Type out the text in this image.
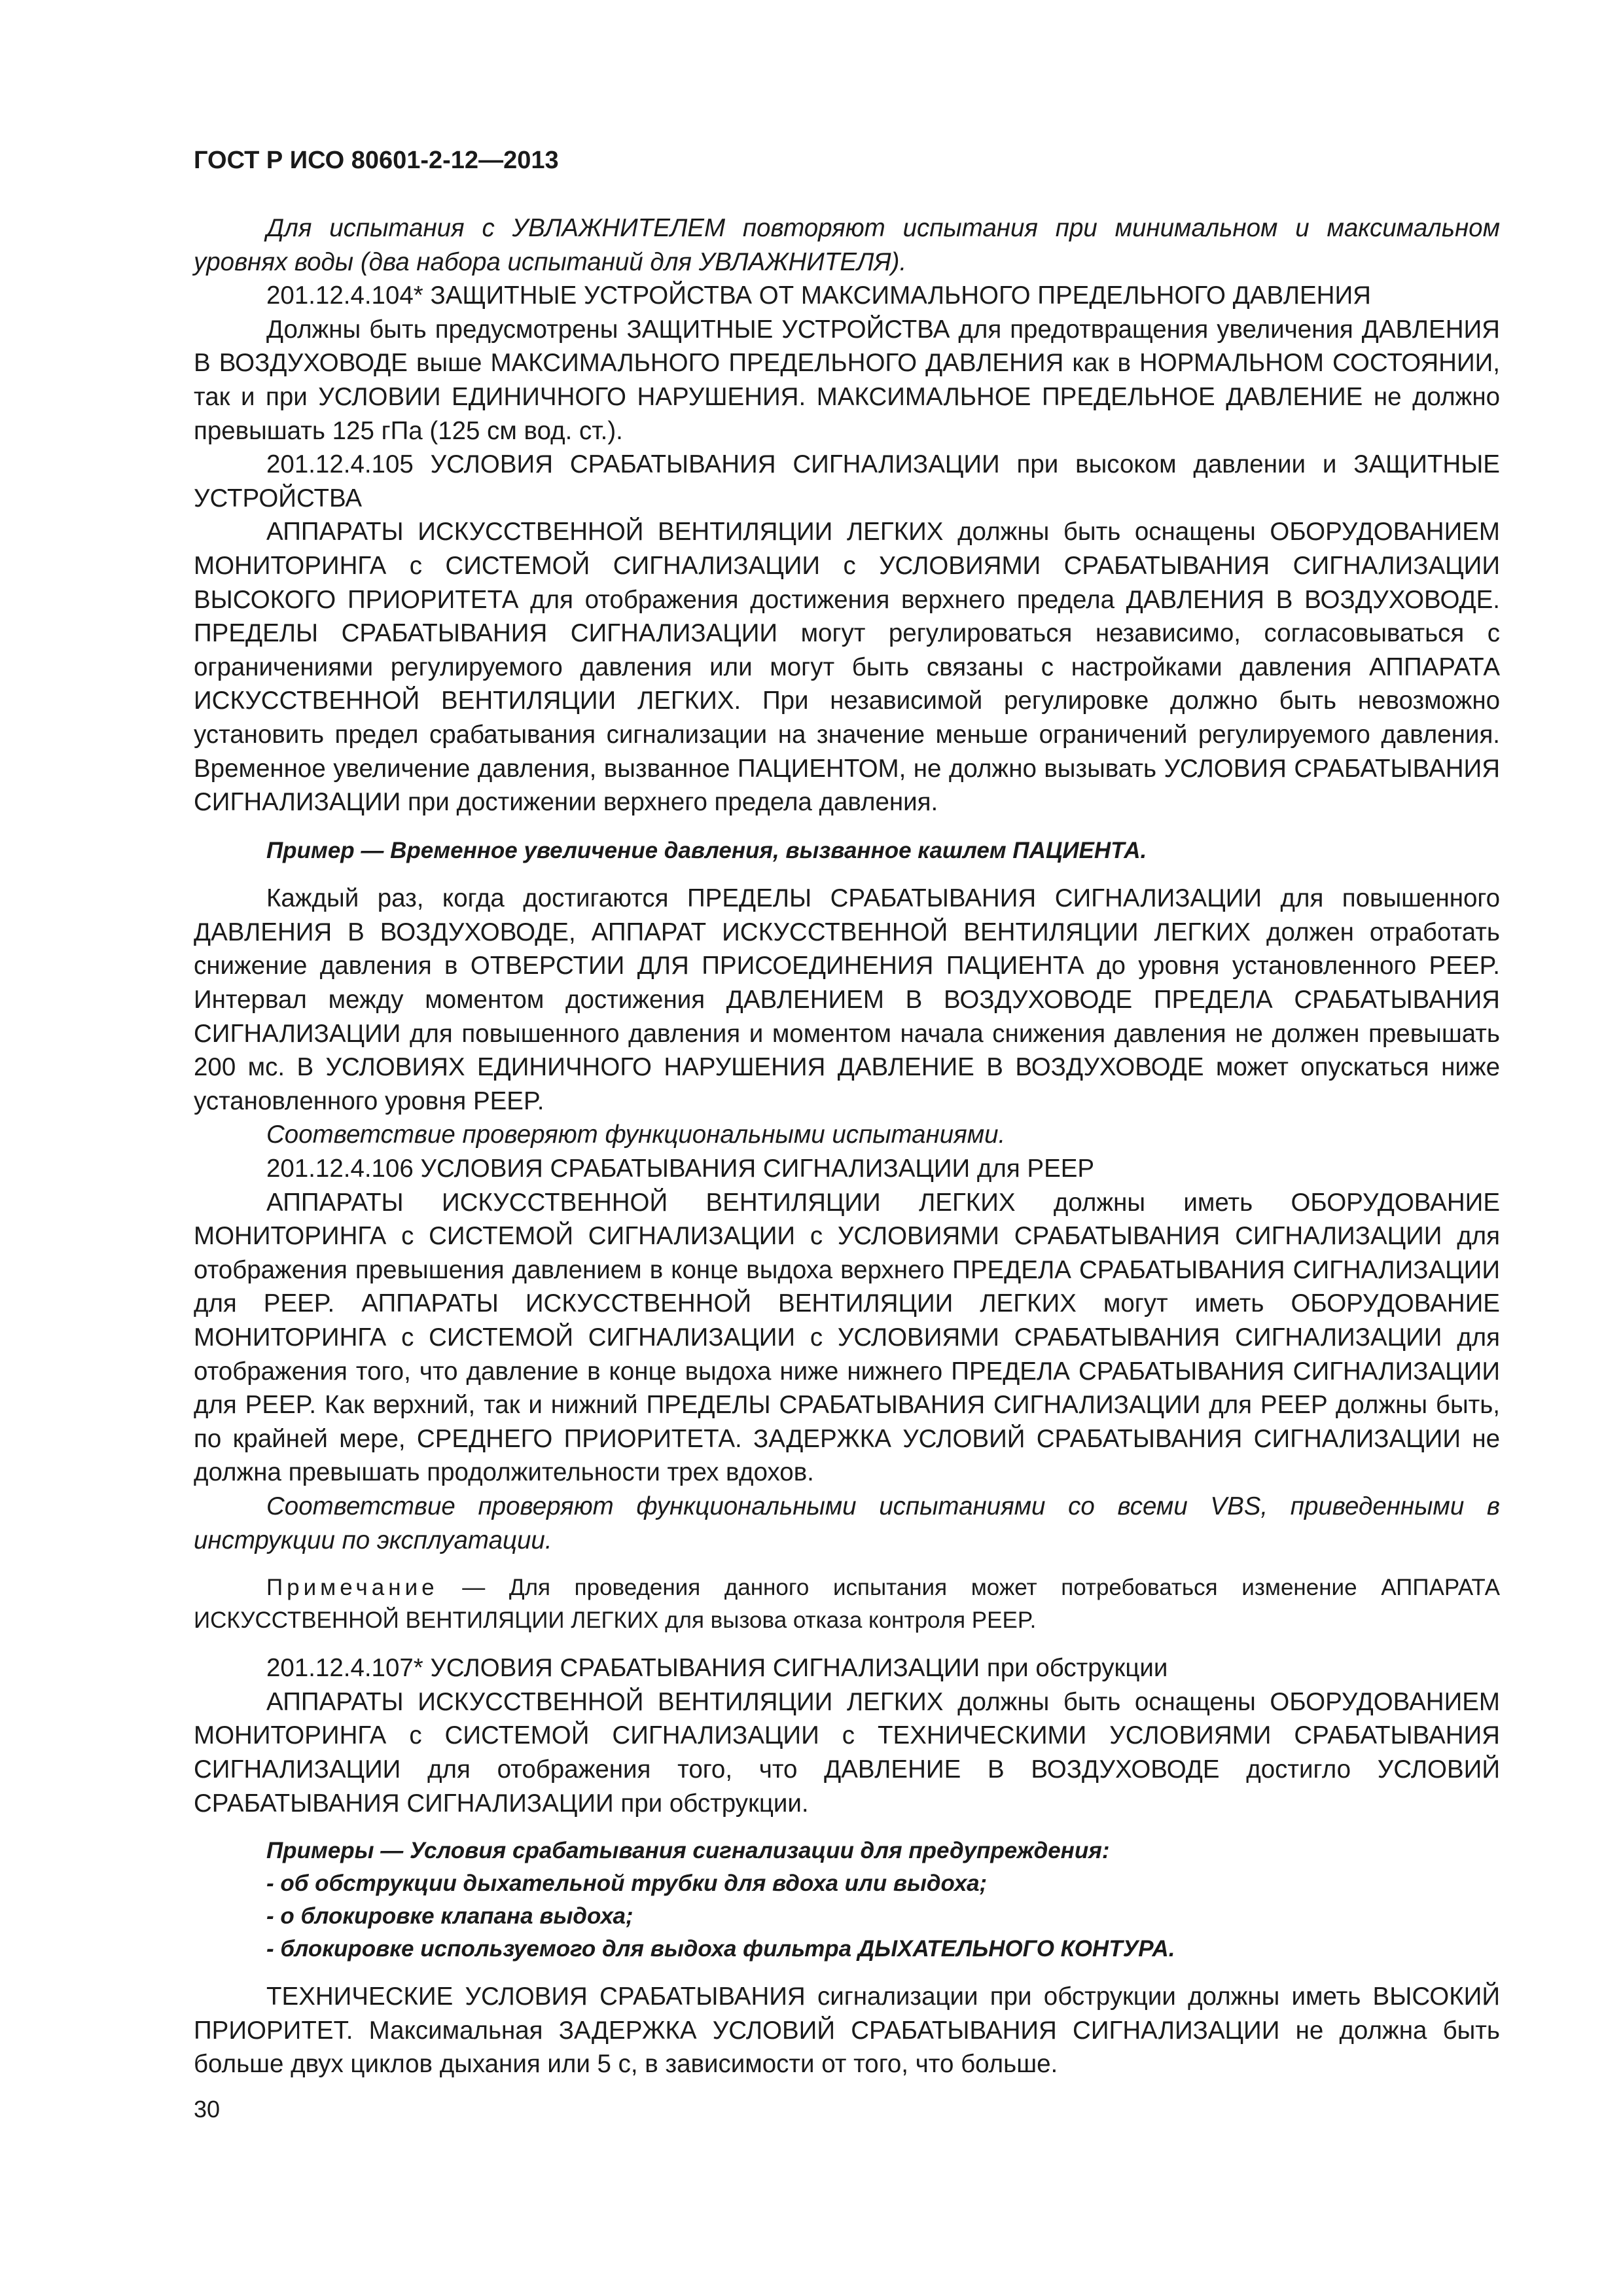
ГОСТ Р ИСО 80601-2-12—2013

Для испытания с УВЛАЖНИТЕЛЕМ повторяют испытания при минимальном и максимальном уровнях воды (два набора испытаний для УВЛАЖНИТЕЛЯ).

201.12.4.104* ЗАЩИТНЫЕ УСТРОЙСТВА ОТ МАКСИМАЛЬНОГО ПРЕДЕЛЬНОГО ДАВЛЕНИЯ

Должны быть предусмотрены ЗАЩИТНЫЕ УСТРОЙСТВА для предотвращения увеличения ДАВЛЕНИЯ В ВОЗДУХОВОДЕ выше МАКСИМАЛЬНОГО ПРЕДЕЛЬНОГО ДАВЛЕНИЯ как в НОРМАЛЬНОМ СОСТОЯНИИ, так и при УСЛОВИИ ЕДИНИЧНОГО НАРУШЕНИЯ. МАКСИМАЛЬНОЕ ПРЕДЕЛЬНОЕ ДАВЛЕНИЕ не должно превышать 125 гПа (125 см вод. ст.).

201.12.4.105 УСЛОВИЯ СРАБАТЫВАНИЯ СИГНАЛИЗАЦИИ при высоком давлении и ЗАЩИТНЫЕ УСТРОЙСТВА

АППАРАТЫ ИСКУССТВЕННОЙ ВЕНТИЛЯЦИИ ЛЕГКИХ должны быть оснащены ОБОРУДОВАНИЕМ МОНИТОРИНГА с СИСТЕМОЙ СИГНАЛИЗАЦИИ с УСЛОВИЯМИ СРАБАТЫВАНИЯ СИГНАЛИЗАЦИИ ВЫСОКОГО ПРИОРИТЕТА для отображения достижения верхнего предела ДАВЛЕНИЯ В ВОЗДУХОВОДЕ. ПРЕДЕЛЫ СРАБАТЫВАНИЯ СИГНАЛИЗАЦИИ могут регулироваться независимо, согласовываться с ограничениями регулируемого давления или могут быть связаны с настройками давления АППАРАТА ИСКУССТВЕННОЙ ВЕНТИЛЯЦИИ ЛЕГКИХ. При независимой регулировке должно быть невозможно установить предел срабатывания сигнализации на значение меньше ограничений регулируемого давления. Временное увеличение давления, вызванное ПАЦИЕНТОМ, не должно вызывать УСЛОВИЯ СРАБАТЫВАНИЯ СИГНАЛИЗАЦИИ при достижении верхнего предела давления.

Пример — Временное увеличение давления, вызванное кашлем ПАЦИЕНТА.

Каждый раз, когда достигаются ПРЕДЕЛЫ СРАБАТЫВАНИЯ СИГНАЛИЗАЦИИ для повышенного ДАВЛЕНИЯ В ВОЗДУХОВОДЕ, АППАРАТ ИСКУССТВЕННОЙ ВЕНТИЛЯЦИИ ЛЕГКИХ должен отработать снижение давления в ОТВЕРСТИИ ДЛЯ ПРИСОЕДИНЕНИЯ ПАЦИЕНТА до уровня установленного PEEP. Интервал между моментом достижения ДАВЛЕНИЕМ В ВОЗДУХОВОДЕ ПРЕДЕЛА СРАБАТЫВАНИЯ СИГНАЛИЗАЦИИ для повышенного давления и моментом начала снижения давления не должен превышать 200 мс. В УСЛОВИЯХ ЕДИНИЧНОГО НАРУШЕНИЯ ДАВЛЕНИЕ В ВОЗДУХОВОДЕ может опускаться ниже установленного уровня PEEP.

Соответствие проверяют функциональными испытаниями.

201.12.4.106 УСЛОВИЯ СРАБАТЫВАНИЯ СИГНАЛИЗАЦИИ для PEEP

АППАРАТЫ ИСКУССТВЕННОЙ ВЕНТИЛЯЦИИ ЛЕГКИХ должны иметь ОБОРУДОВАНИЕ МОНИТОРИНГА с СИСТЕМОЙ СИГНАЛИЗАЦИИ с УСЛОВИЯМИ СРАБАТЫВАНИЯ СИГНАЛИЗАЦИИ для отображения превышения давлением в конце выдоха верхнего ПРЕДЕЛА СРАБАТЫВАНИЯ СИГНАЛИЗАЦИИ для PEEP. АППАРАТЫ ИСКУССТВЕННОЙ ВЕНТИЛЯЦИИ ЛЕГКИХ могут иметь ОБОРУДОВАНИЕ МОНИТОРИНГА с СИСТЕМОЙ СИГНАЛИЗАЦИИ с УСЛОВИЯМИ СРАБАТЫВАНИЯ СИГНАЛИЗАЦИИ для отображения того, что давление в конце выдоха ниже нижнего ПРЕДЕЛА СРАБАТЫВАНИЯ СИГНАЛИЗАЦИИ для PEEP. Как верхний, так и нижний ПРЕДЕЛЫ СРАБАТЫВАНИЯ СИГНАЛИЗАЦИИ для PEEP должны быть, по крайней мере, СРЕДНЕГО ПРИОРИТЕТА. ЗАДЕРЖКА УСЛОВИЙ СРАБАТЫВАНИЯ СИГНАЛИЗАЦИИ не должна превышать продолжительности трех вдохов.

Соответствие проверяют функциональными испытаниями со всеми VBS, приведенными в инструкции по эксплуатации.

Примечание — Для проведения данного испытания может потребоваться изменение АППАРАТА ИСКУССТВЕННОЙ ВЕНТИЛЯЦИИ ЛЕГКИХ для вызова отказа контроля PEEP.

201.12.4.107* УСЛОВИЯ СРАБАТЫВАНИЯ СИГНАЛИЗАЦИИ при обструкции

АППАРАТЫ ИСКУССТВЕННОЙ ВЕНТИЛЯЦИИ ЛЕГКИХ должны быть оснащены ОБОРУДОВАНИЕМ МОНИТОРИНГА с СИСТЕМОЙ СИГНАЛИЗАЦИИ с ТЕХНИЧЕСКИМИ УСЛОВИЯМИ СРАБАТЫВАНИЯ СИГНАЛИЗАЦИИ для отображения того, что ДАВЛЕНИЕ В ВОЗДУХОВОДЕ достигло УСЛОВИЙ СРАБАТЫВАНИЯ СИГНАЛИЗАЦИИ при обструкции.

Примеры — Условия срабатывания сигнализации для предупреждения:
- об обструкции дыхательной трубки для вдоха или выдоха;
- о блокировке клапана выдоха;
- блокировке используемого для выдоха фильтра ДЫХАТЕЛЬНОГО КОНТУРА.

ТЕХНИЧЕСКИЕ УСЛОВИЯ СРАБАТЫВАНИЯ сигнализации при обструкции должны иметь ВЫСОКИЙ ПРИОРИТЕТ. Максимальная ЗАДЕРЖКА УСЛОВИЙ СРАБАТЫВАНИЯ СИГНАЛИЗАЦИИ не должна быть больше двух циклов дыхания или 5 с, в зависимости от того, что больше.

30
